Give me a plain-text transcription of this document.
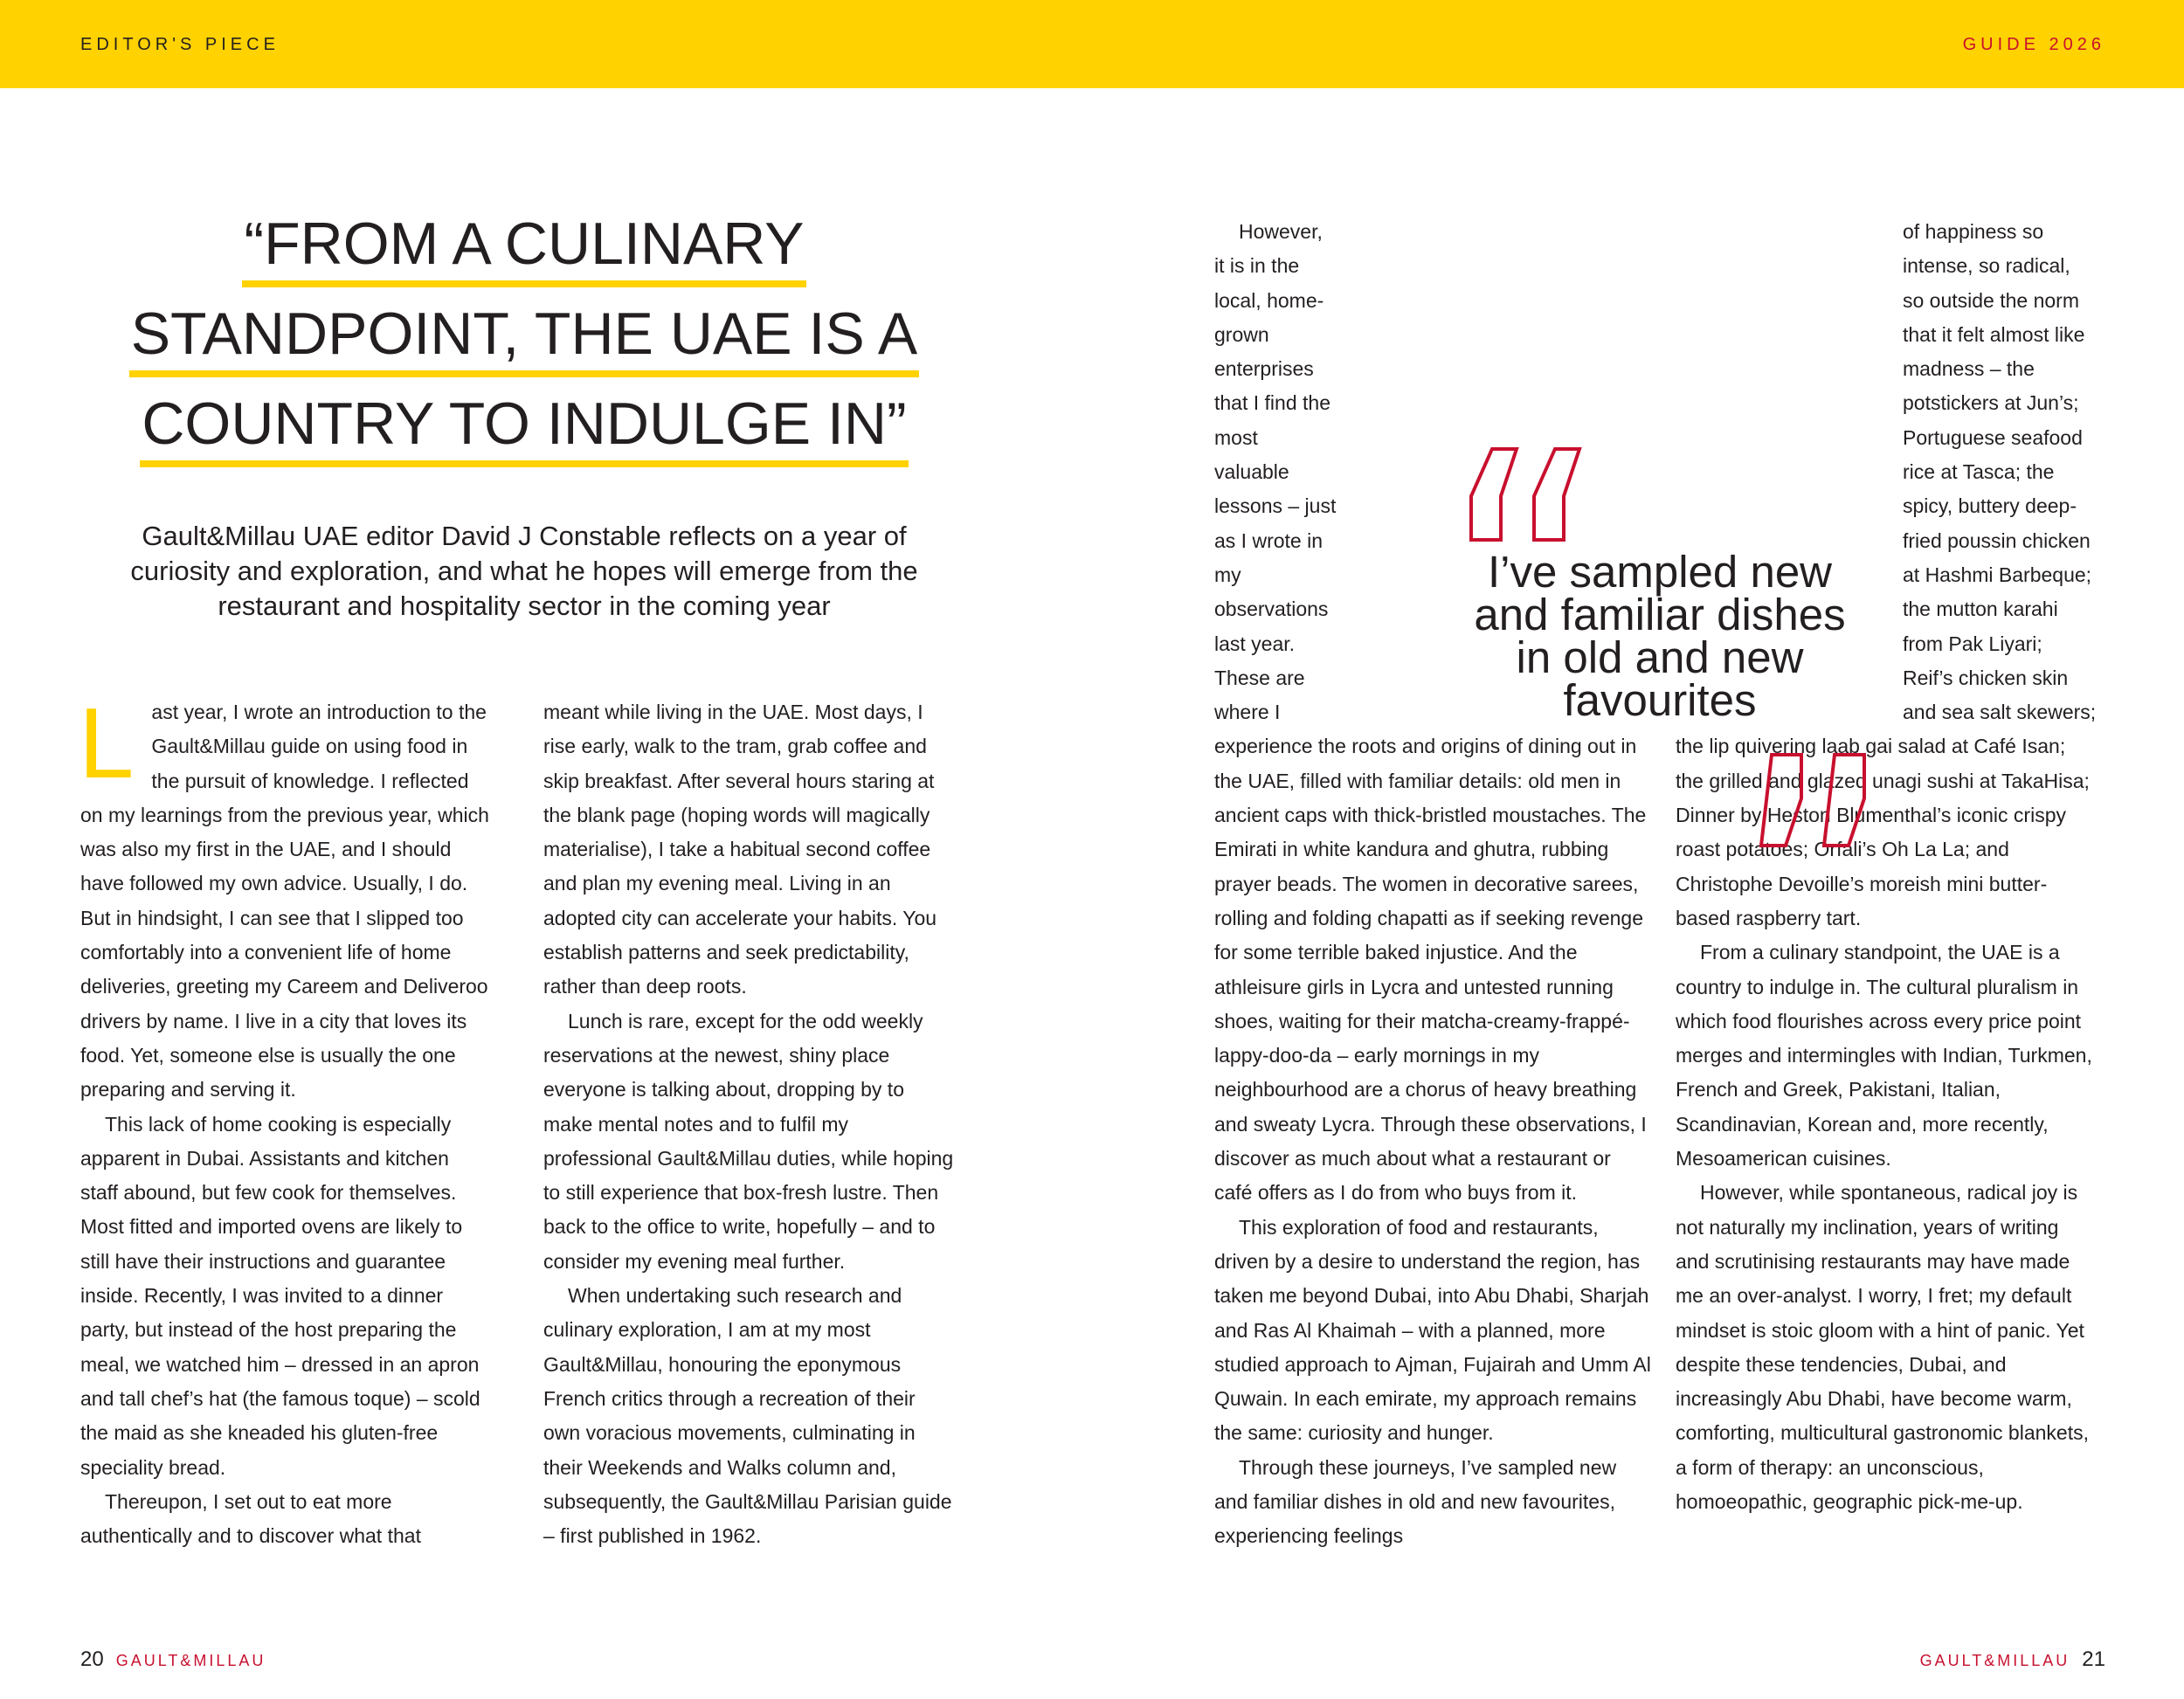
EDITOR'S PIECE	GUIDE 2026
“FROM A CULINARY
STANDPOINT, THE UAE IS A
COUNTRY TO INDULGE IN”
Gault&Millau UAE editor David J Constable reflects on a year of curiosity and exploration, and what he hopes will emerge from the restaurant and hospitality sector in the coming year

Last year, I wrote an introduction to the Gault&Millau guide on using food in the pursuit of knowledge. I reflected on my learnings from the previous year, which was also my first in the UAE, and I should have followed my own advice. Usually, I do. But in hindsight, I can see that I slipped too comfortably into a convenient life of home deliveries, greeting my Careem and Deliveroo drivers by name. I live in a city that loves its food. Yet, someone else is usually the one preparing and serving it.

This lack of home cooking is especially apparent in Dubai. Assistants and kitchen staff abound, but few cook for themselves. Most fitted and imported ovens are likely to still have their instructions and guarantee inside. Recently, I was invited to a dinner party, but instead of the host preparing the meal, we watched him – dressed in an apron and tall chef’s hat (the famous toque) – scold the maid as she kneaded his gluten-free speciality bread.

Thereupon, I set out to eat more authentically and to discover what that

meant while living in the UAE. Most days, I rise early, walk to the tram, grab coffee and skip breakfast. After several hours staring at the blank page (hoping words will magically materialise), I take a habitual second coffee and plan my evening meal. Living in an adopted city can accelerate your habits. You establish patterns and seek predictability, rather than deep roots.

Lunch is rare, except for the odd weekly reservations at the newest, shiny place everyone is talking about, dropping by to make mental notes and to fulfil my professional Gault&Millau duties, while hoping to still experience that box-fresh lustre. Then back to the office to write, hopefully – and to consider my evening meal further.

When undertaking such research and culinary exploration, I am at my most Gault&Millau, honouring the eponymous French critics through a recreation of their own voracious movements, culminating in their Weekends and Walks column and, subsequently, the Gault&Millau Parisian guide – first published in 1962.

However, it is in the local, home-grown enterprises that I find the most valuable lessons – just as I wrote in my observations last year. These are where I experience the roots and origins of dining out in the UAE, filled with familiar details: old men in ancient caps with thick-bristled moustaches. The Emirati in white kandura and ghutra, rubbing prayer beads. The women in decorative sarees, rolling and folding chapatti as if seeking revenge for some terrible baked injustice. And the athleisure girls in Lycra and untested running shoes, waiting for their matcha-creamy-frappé-lappy-doo-da – early mornings in my neighbourhood are a chorus of heavy breathing and sweaty Lycra. Through these observations, I discover as much about what a restaurant or café offers as I do from who buys from it.

This exploration of food and restaurants, driven by a desire to understand the region, has taken me beyond Dubai, into Abu Dhabi, Sharjah and Ras Al Khaimah – with a planned, more studied approach to Ajman, Fujairah and Umm Al Quwain. In each emirate, my approach remains the same: curiosity and hunger.

Through these journeys, I’ve sampled new and familiar dishes in old and new favourites, experiencing feelings

of happiness so intense, so radical, so outside the norm that it felt almost like madness – the potstickers at Jun’s; Portuguese seafood rice at Tasca; the spicy, buttery deep-fried poussin chicken at Hashmi Barbeque; the mutton karahi from Pak Liyari; Reif’s chicken skin and sea salt skewers; the lip quivering laab gai salad at Café Isan; the grilled and glazed unagi sushi at TakaHisa; Dinner by Heston Blumenthal’s iconic crispy roast potatoes; Orfali’s Oh La La; and Christophe Devoille’s moreish mini butter-based raspberry tart.

From a culinary standpoint, the UAE is a country to indulge in. The cultural pluralism in which food flourishes across every price point merges and intermingles with Indian, Turkmen, French and Greek, Pakistani, Italian, Scandinavian, Korean and, more recently, Mesoamerican cuisines.

However, while spontaneous, radical joy is not naturally my inclination, years of writing and scrutinising restaurants may have made me an over-analyst. I worry, I fret; my default mindset is stoic gloom with a hint of panic. Yet despite these tendencies, Dubai, and increasingly Abu Dhabi, have become warm, comforting, multicultural gastronomic blankets, a form of therapy: an unconscious, homoeopathic, geographic pick-me-up.

I’ve sampled new and familiar dishes in old and new favourites
20 GAULT&MILLAU	GAULT&MILLAU 21
